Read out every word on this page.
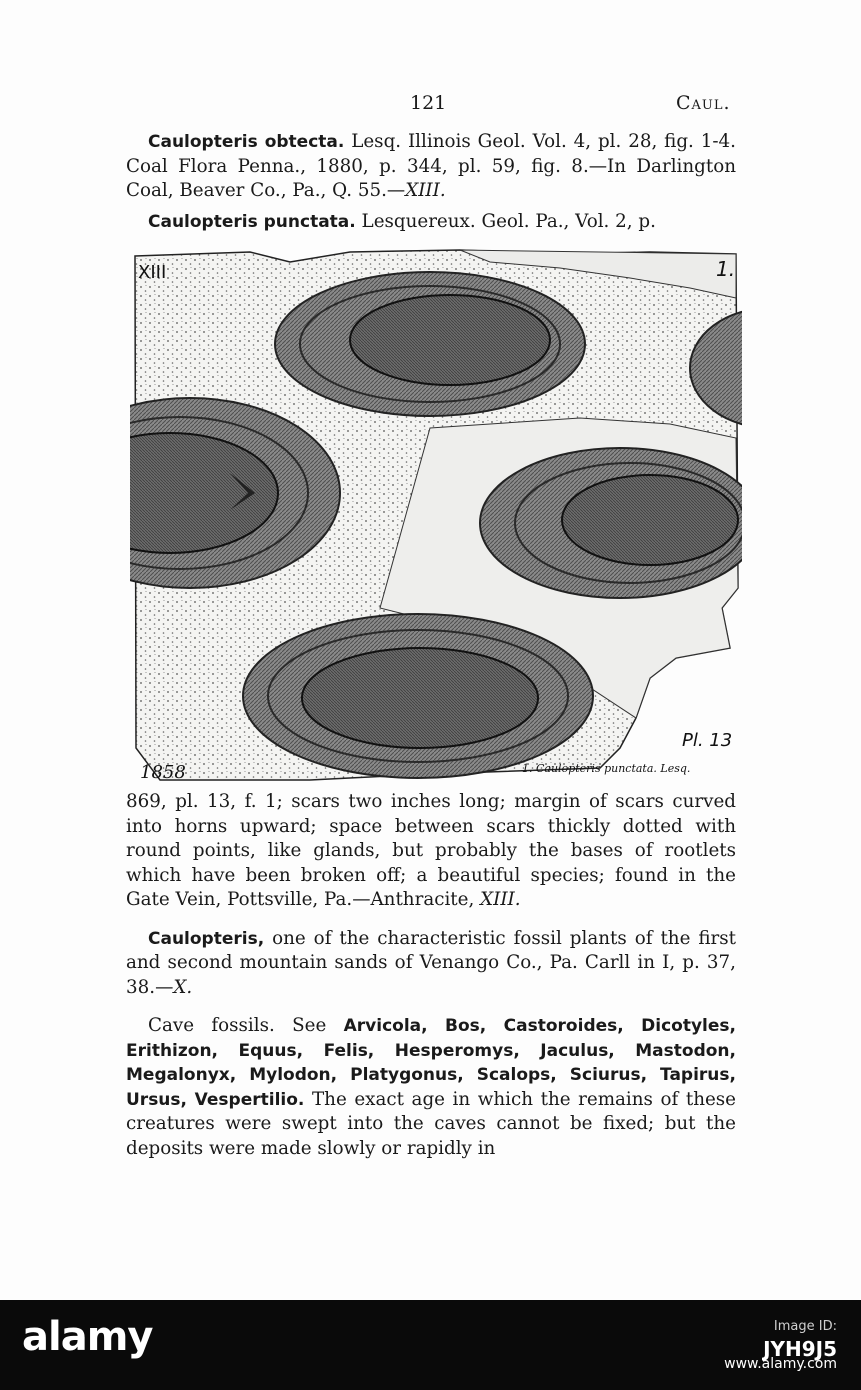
121	Caul.

Caulopteris obtecta. Lesq. Illinois Geol. Vol. 4, pl. 28, fig. 1-4. Coal Flora Penna., 1880, p. 344, pl. 59, fig. 8.—In Darlington Coal, Beaver Co., Pa., Q. 55.—XIII.

Caulopteris punctata. Lesquereux. Geol. Pa., Vol. 2, p.

XIII	1.
Pl. 13
1858	1. Caulopteris punctata. Lesq.

869, pl. 13, f. 1; scars two inches long; margin of scars curved into horns upward; space between scars thickly dotted with round points, like glands, but probably the bases of rootlets which have been broken off; a beautiful species; found in the Gate Vein, Pottsville, Pa.—Anthracite, XIII.

Caulopteris, one of the characteristic fossil plants of the first and second mountain sands of Venango Co., Pa. Carll in I, p. 37, 38.—X.

Cave fossils. See Arvicola, Bos, Castoroides, Dicotyles, Erithizon, Equus, Felis, Hesperomys, Jaculus, Mastodon, Megalonyx, Mylodon, Platygonus, Scalops, Sciurus, Tapirus, Ursus, Vespertilio. The exact age in which the remains of these creatures were swept into the caves cannot be fixed; but the deposits were made slowly or rapidly in

alamy	Image ID:
JYH9J5
www.alamy.com
